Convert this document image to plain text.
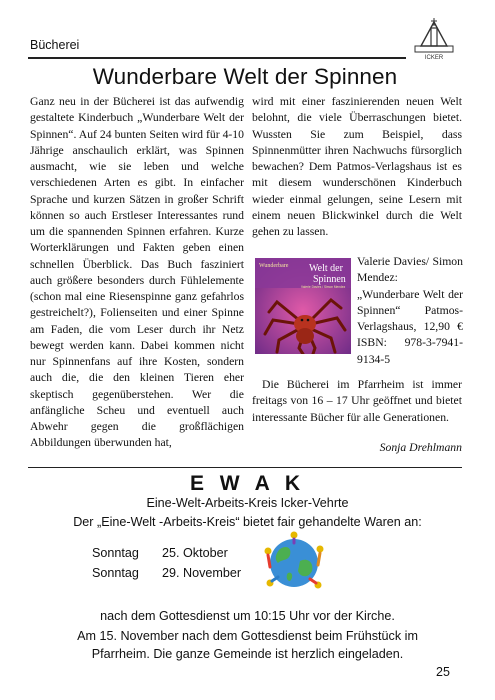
Bücherei
ICKER
Wunderbare Welt der Spinnen

Ganz neu in der Bücherei ist das aufwendig gestaltete Kinderbuch „Wunderbare Welt der Spinnen“. Auf 24 bunten Seiten wird für 4-10 Jährige anschaulich erklärt, was Spinnen ausmacht, wie sie leben und welche verschiedenen Arten es gibt. In einfacher Sprache und kurzen Sätzen in großer Schrift können so auch Erstleser Interessantes rund um die spannenden Spinnen erfahren. Kurze Worterklärungen und Fakten geben einen schnellen Überblick. Das Buch fasziniert auch größere besonders durch Fühlelemente (schon mal eine Riesenspinne ganz gefahrlos gestreichelt?), Folienseiten und einer Spinne am Faden, die vom Leser durch ihr Netz bewegt werden kann. Dabei kommen nicht nur Spinnenfans auf ihre Kosten, sondern auch die, die den kleinen Tieren eher skeptisch gegenüberstehen. Wer die anfängliche Scheu und eventuell auch Abwehr gegen die großflächigen Abbildungen überwunden hat,

wird mit einer faszinierenden neuen Welt belohnt, die viele Überraschungen bietet. Wussten Sie zum Beispiel, dass Spinnenmütter ihren Nachwuchs fürsorglich bewachen? Dem Patmos-Verlagshaus ist es mit diesem wunderschönen Kinderbuch wieder einmal gelungen, seine Lesern mit einem neuen Blickwinkel durch die Welt gehen zu lassen.

Wunderbare Welt der
Spinnen
Valerie Davies / Simon Mendez
Valerie Davies/ Simon Mendez: „Wunderbare Welt der Spinnen“ Patmos-Verlagshaus, 12,90 € ISBN: 978-3-7941-9134-5
Die Bücherei im Pfarrheim ist immer freitags von 16 – 17 Uhr geöffnet und bietet interessante Bücher für alle Generationen.
Sonja Drehlmann
E W A K
Eine-Welt-Arbeits-Kreis Icker-Vehrte
Der „Eine-Welt -Arbeits-Kreis“ bietet fair gehandelte Waren an:
Sonntag 25. Oktober
Sonntag 29. November
nach dem Gottesdienst um 10:15 Uhr vor der Kirche.
Am 15. November nach dem Gottesdienst beim Frühstück im
Pfarrheim. Die ganze Gemeinde ist herzlich eingeladen.
25
